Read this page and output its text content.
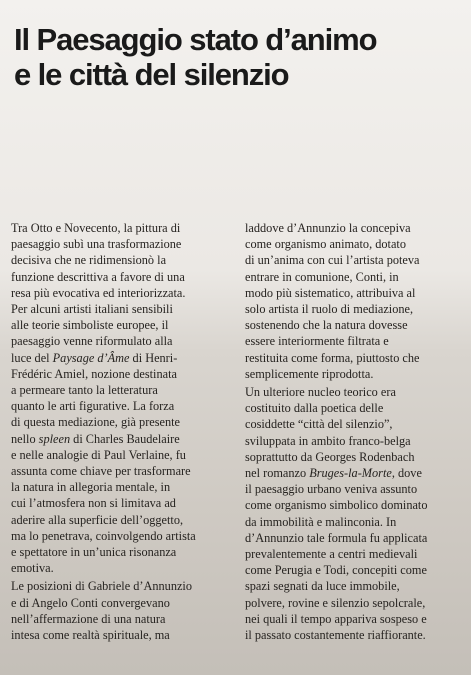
Il Paesaggio stato d’animo
e le città del silenzio

Tra Otto e Novecento, la pittura di
paesaggio subì una trasformazione
decisiva che ne ridimensionò la
funzione descrittiva a favore di una
resa più evocativa ed interiorizzata.
Per alcuni artisti italiani sensibili
alle teorie simboliste europee, il
paesaggio venne riformulato alla
luce del Paysage d’Âme di Henri-
Frédéric Amiel, nozione destinata
a permeare tanto la letteratura
quanto le arti figurative. La forza
di questa mediazione, già presente
nello spleen di Charles Baudelaire
e nelle analogie di Paul Verlaine, fu
assunta come chiave per trasformare
la natura in allegoria mentale, in
cui l’atmosfera non si limitava ad
aderire alla superficie dell’oggetto,
ma lo penetrava, coinvolgendo artista
e spettatore in un’unica risonanza
emotiva.

Le posizioni di Gabriele d’Annunzio
e di Angelo Conti convergevano
nell’affermazione di una natura
intesa come realtà spirituale, ma

laddove d’Annunzio la concepiva
come organismo animato, dotato
di un’anima con cui l’artista poteva
entrare in comunione, Conti, in
modo più sistematico, attribuiva al
solo artista il ruolo di mediazione,
sostenendo che la natura dovesse
essere interiormente filtrata e
restituita come forma, piuttosto che
semplicemente riprodotta.

Un ulteriore nucleo teorico era
costituito dalla poetica delle
cosiddette “città del silenzio”,
sviluppata in ambito franco-belga
soprattutto da Georges Rodenbach
nel romanzo Bruges-la-Morte, dove
il paesaggio urbano veniva assunto
come organismo simbolico dominato
da immobilità e malinconia. In
d’Annunzio tale formula fu applicata
prevalentemente a centri medievali
come Perugia e Todi, concepiti come
spazi segnati da luce immobile,
polvere, rovine e silenzio sepolcrale,
nei quali il tempo appariva sospeso e
il passato costantemente riaffiorante.
